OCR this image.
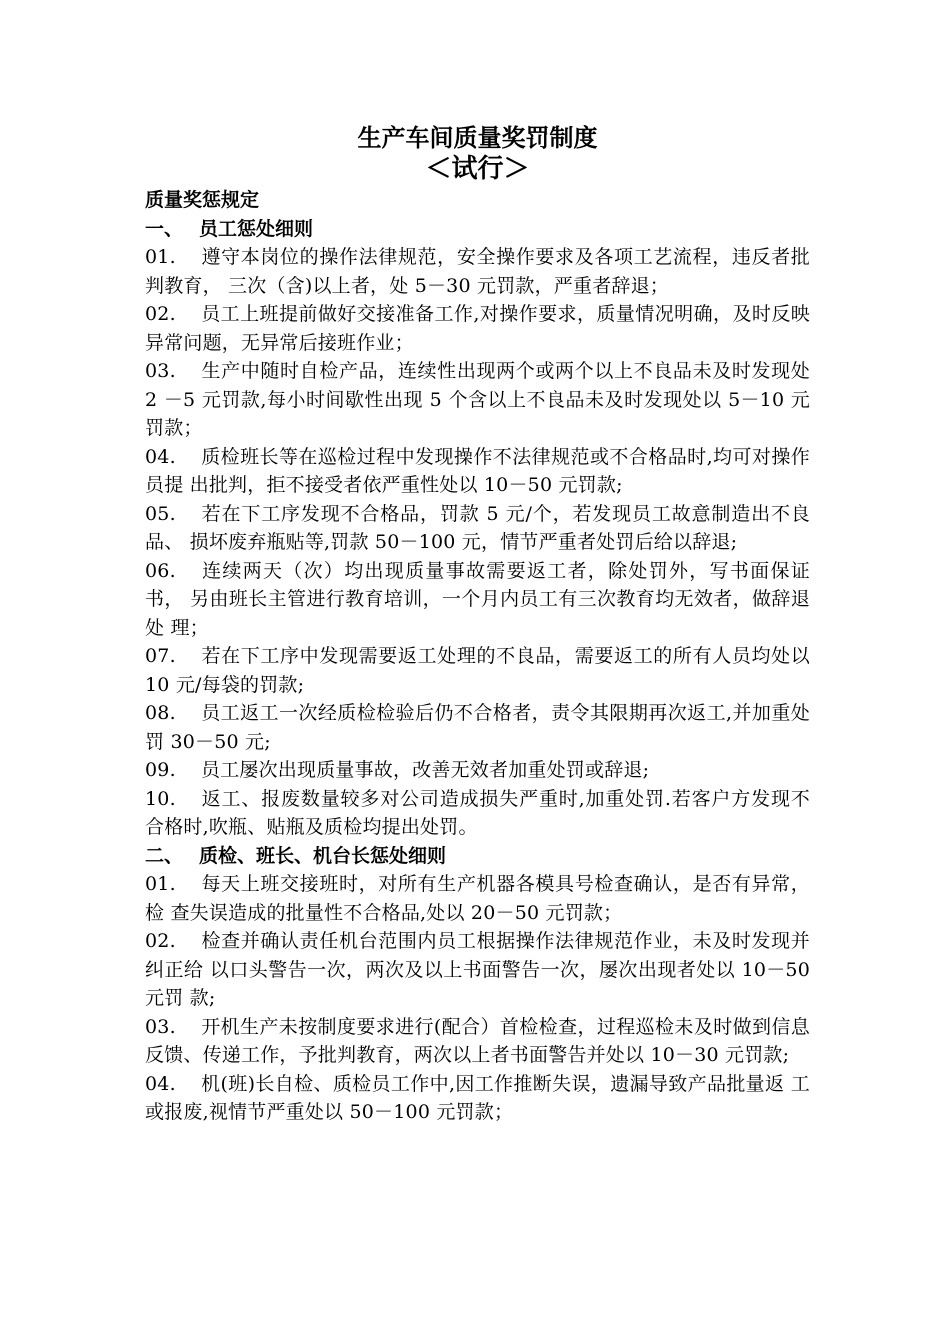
生产车间质量奖罚制度
＜试行＞
质量奖惩规定
一、 员工惩处细则

01. 遵守本岗位的操作法律规范，安全操作要求及各项工艺流程，违反者批判教育， 三次（含)以上者，处 5－30 元罚款，严重者辞退；

02. 员工上班提前做好交接准备工作,对操作要求，质量情况明确，及时反映 异常问题，无异常后接班作业；

03. 生产中随时自检产品，连续性出现两个或两个以上不良品未及时发现处 2 －5 元罚款,每小时间歇性出现 5 个含以上不良品未及时发现处以 5－10 元 罚款；

04. 质检班长等在巡检过程中发现操作不法律规范或不合格品时,均可对操作员提 出批判，拒不接受者依严重性处以 10－50 元罚款;

05. 若在下工序发现不合格品，罚款 5 元/个，若发现员工故意制造出不良品、 损坏废弃瓶贴等,罚款 50－100 元，情节严重者处罚后给以辞退;

06. 连续两天（次）均出现质量事故需要返工者，除处罚外，写书面保证书， 另由班长主管进行教育培训，一个月内员工有三次教育均无效者，做辞退处 理；

07. 若在下工序中发现需要返工处理的不良品，需要返工的所有人员均处以 10 元/每袋的罚款;

08. 员工返工一次经质检检验后仍不合格者，责令其限期再次返工,并加重处 罚 30－50 元;

09. 员工屡次出现质量事故，改善无效者加重处罚或辞退;

10. 返工、报废数量较多对公司造成损失严重时,加重处罚.若客户方发现不 合格时,吹瓶、贴瓶及质检均提出处罚。

二、 质检、班长、机台长惩处细则

01. 每天上班交接班时，对所有生产机器各模具号检查确认，是否有异常，检 查失误造成的批量性不合格品,处以 20－50 元罚款；

02. 检查并确认责任机台范围内员工根据操作法律规范作业，未及时发现并纠正给 以口头警告一次，两次及以上书面警告一次，屡次出现者处以 10－50 元罚 款;

03. 开机生产未按制度要求进行(配合）首检检查，过程巡检未及时做到信息 反馈、传递工作，予批判教育，两次以上者书面警告并处以 10－30 元罚款;

04. 机(班)长自检、质检员工作中,因工作推断失误，遗漏导致产品批量返 工或报废,视情节严重处以 50－100 元罚款；
